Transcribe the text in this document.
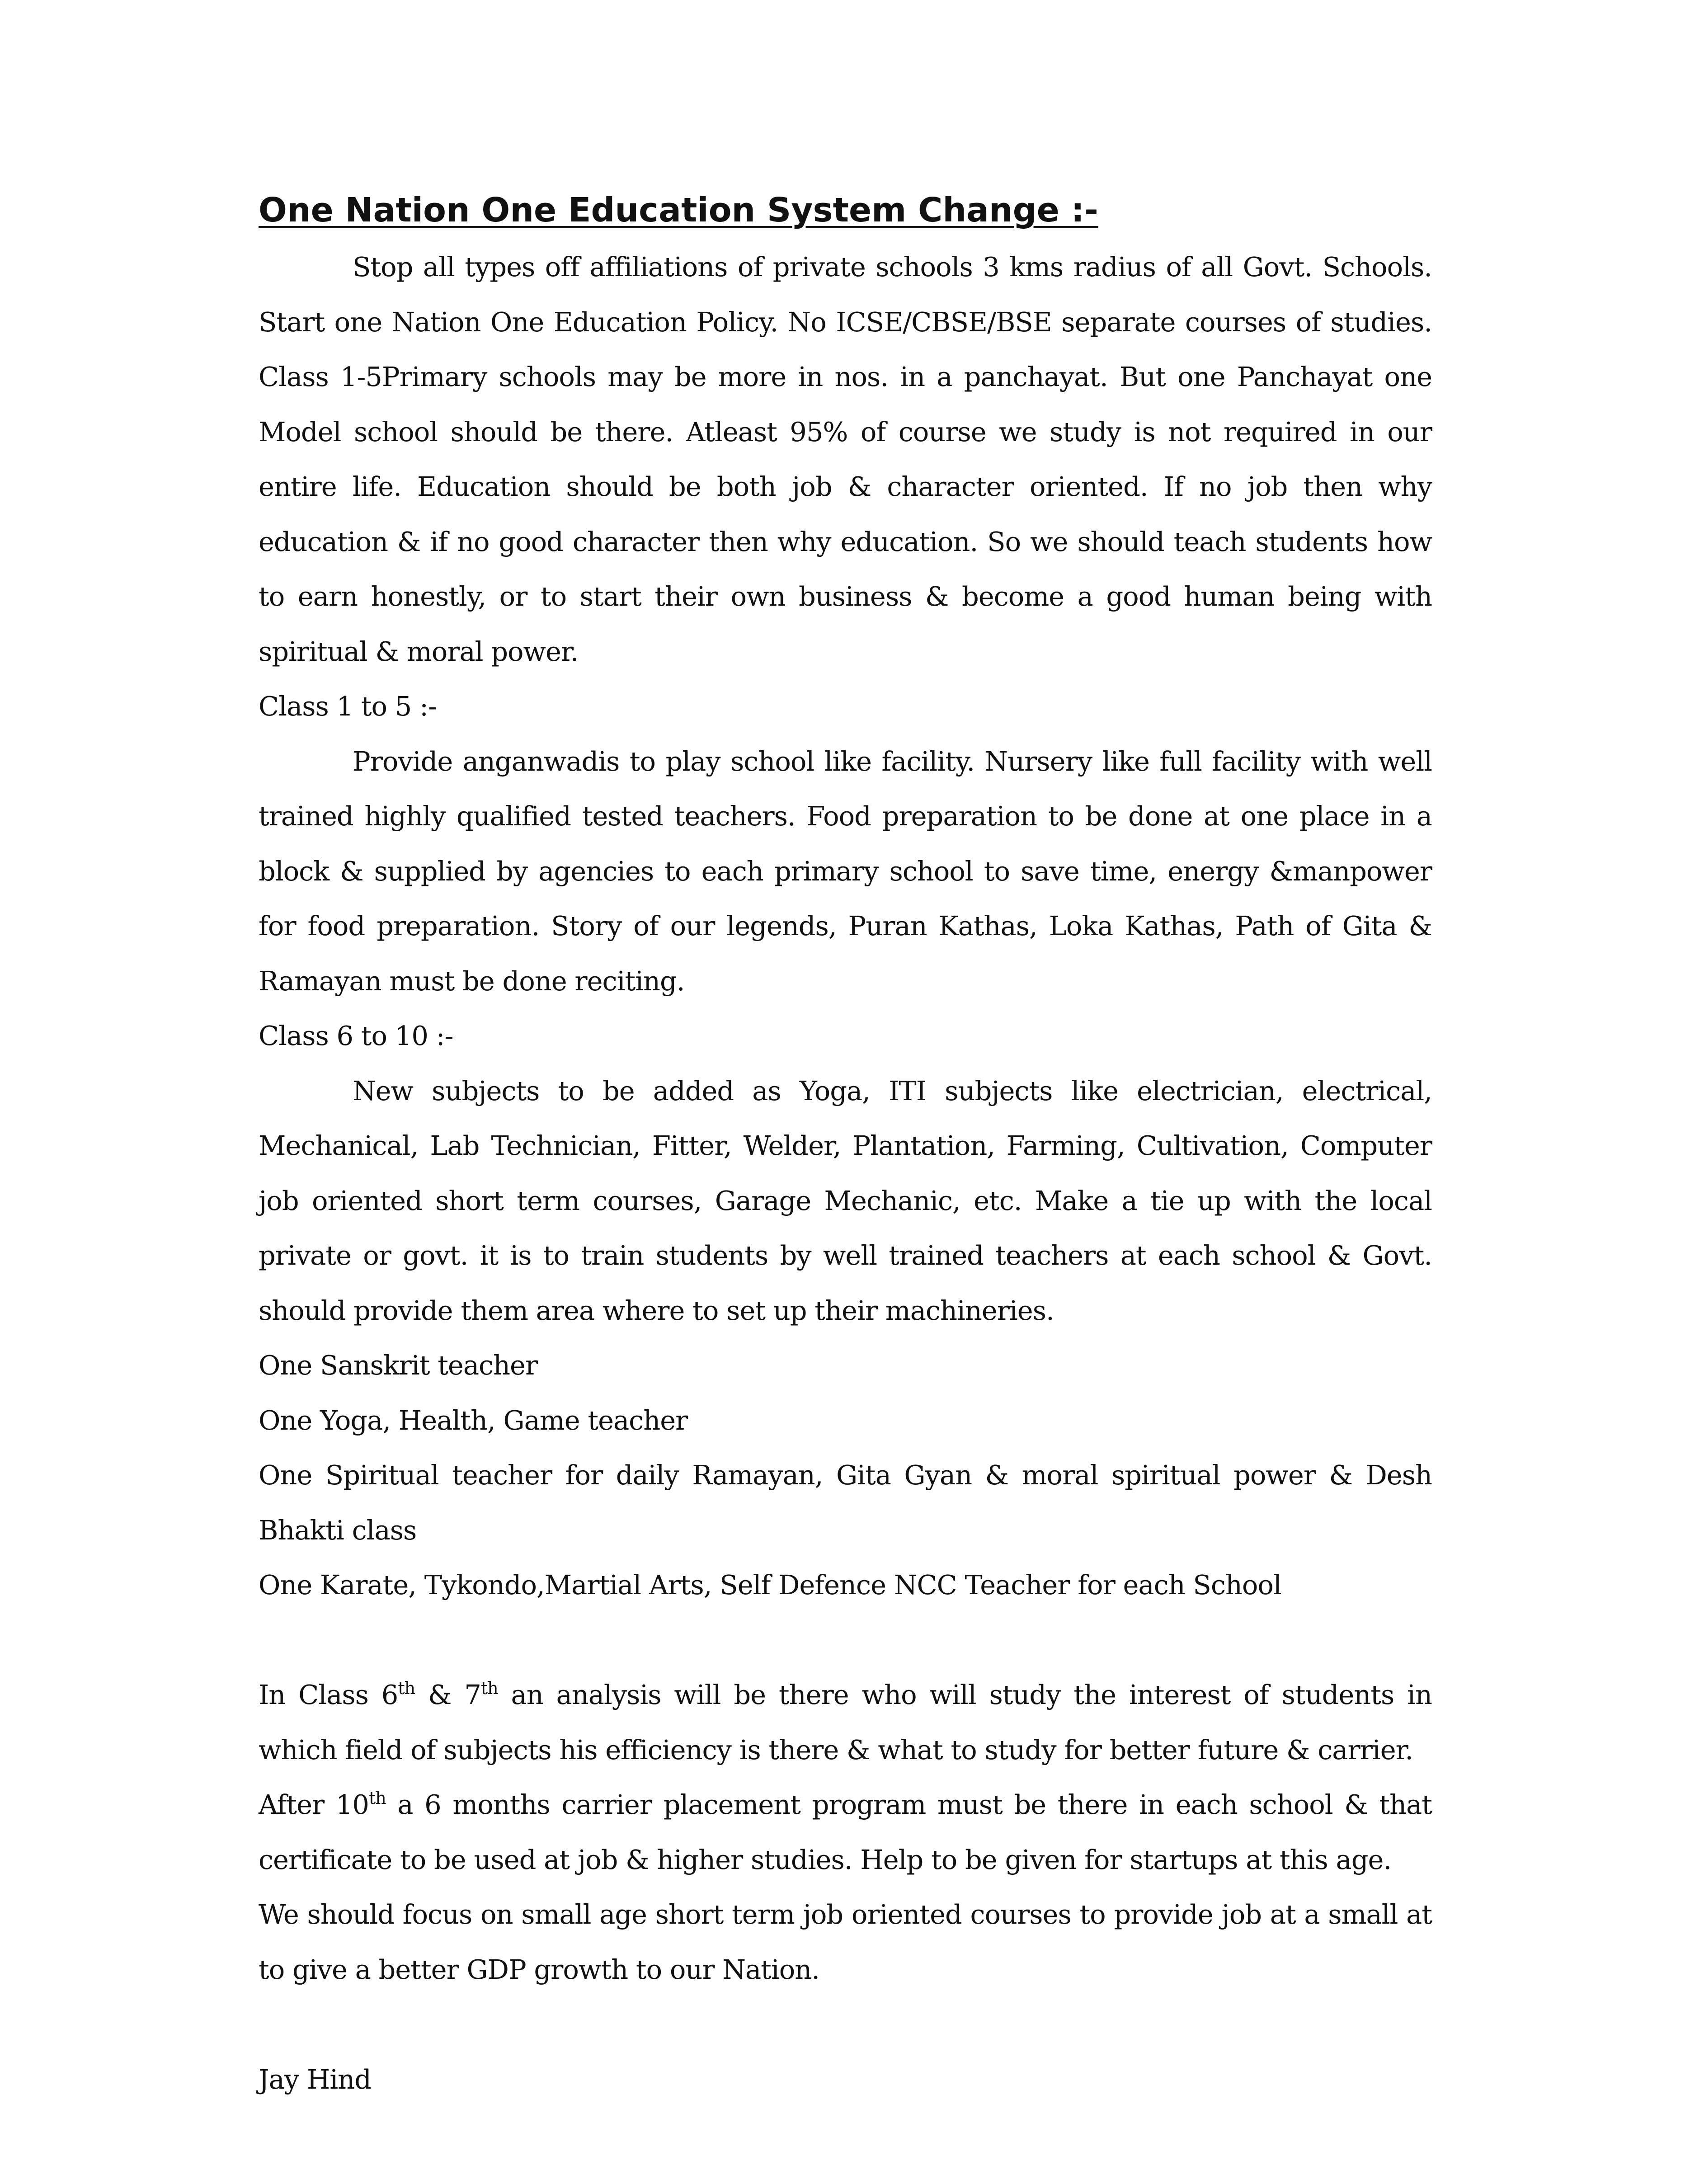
One Nation One Education System Change :-

Stop all types off affiliations of private schools 3 kms radius of all Govt. Schools. Start one Nation One Education Policy. No ICSE/CBSE/BSE separate courses of studies. Class 1-5Primary schools may be more in nos. in a panchayat. But one Panchayat one Model school should be there. Atleast 95% of course we study is not required in our entire life. Education should be both job & character oriented. If no job then why education & if no good character then why education. So we should teach students how to earn honestly, or to start their own business & become a good human being with spiritual & moral power.

Class 1 to 5 :-

Provide anganwadis to play school like facility. Nursery like full facility with well trained highly qualified tested teachers. Food preparation to be done at one place in a block & supplied by agencies to each primary school to save time, energy &manpower for food preparation. Story of our legends, Puran Kathas, Loka Kathas, Path of Gita & Ramayan must be done reciting.

Class 6 to 10 :-

New subjects to be added as Yoga, ITI subjects like electrician, electrical, Mechanical, Lab Technician, Fitter, Welder, Plantation, Farming, Cultivation, Computer job oriented short term courses, Garage Mechanic, etc. Make a tie up with the local private or govt. it is to train students by well trained teachers at each school & Govt. should provide them area where to set up their machineries.

One Sanskrit teacher

One Yoga, Health, Game teacher

One Spiritual teacher for daily Ramayan, Gita Gyan & moral spiritual power & Desh Bhakti class

One Karate, Tykondo,Martial Arts, Self Defence NCC Teacher for each School

In Class 6th & 7th an analysis will be there who will study the interest of students in which field of subjects his efficiency is there & what to study for better future & carrier.

After 10th a 6 months carrier placement program must be there in each school & that certificate to be used at job & higher studies. Help to be given for startups at this age.

We should focus on small age short term job oriented courses to provide job at a small at to give a better GDP growth to our Nation.

Jay Hind
